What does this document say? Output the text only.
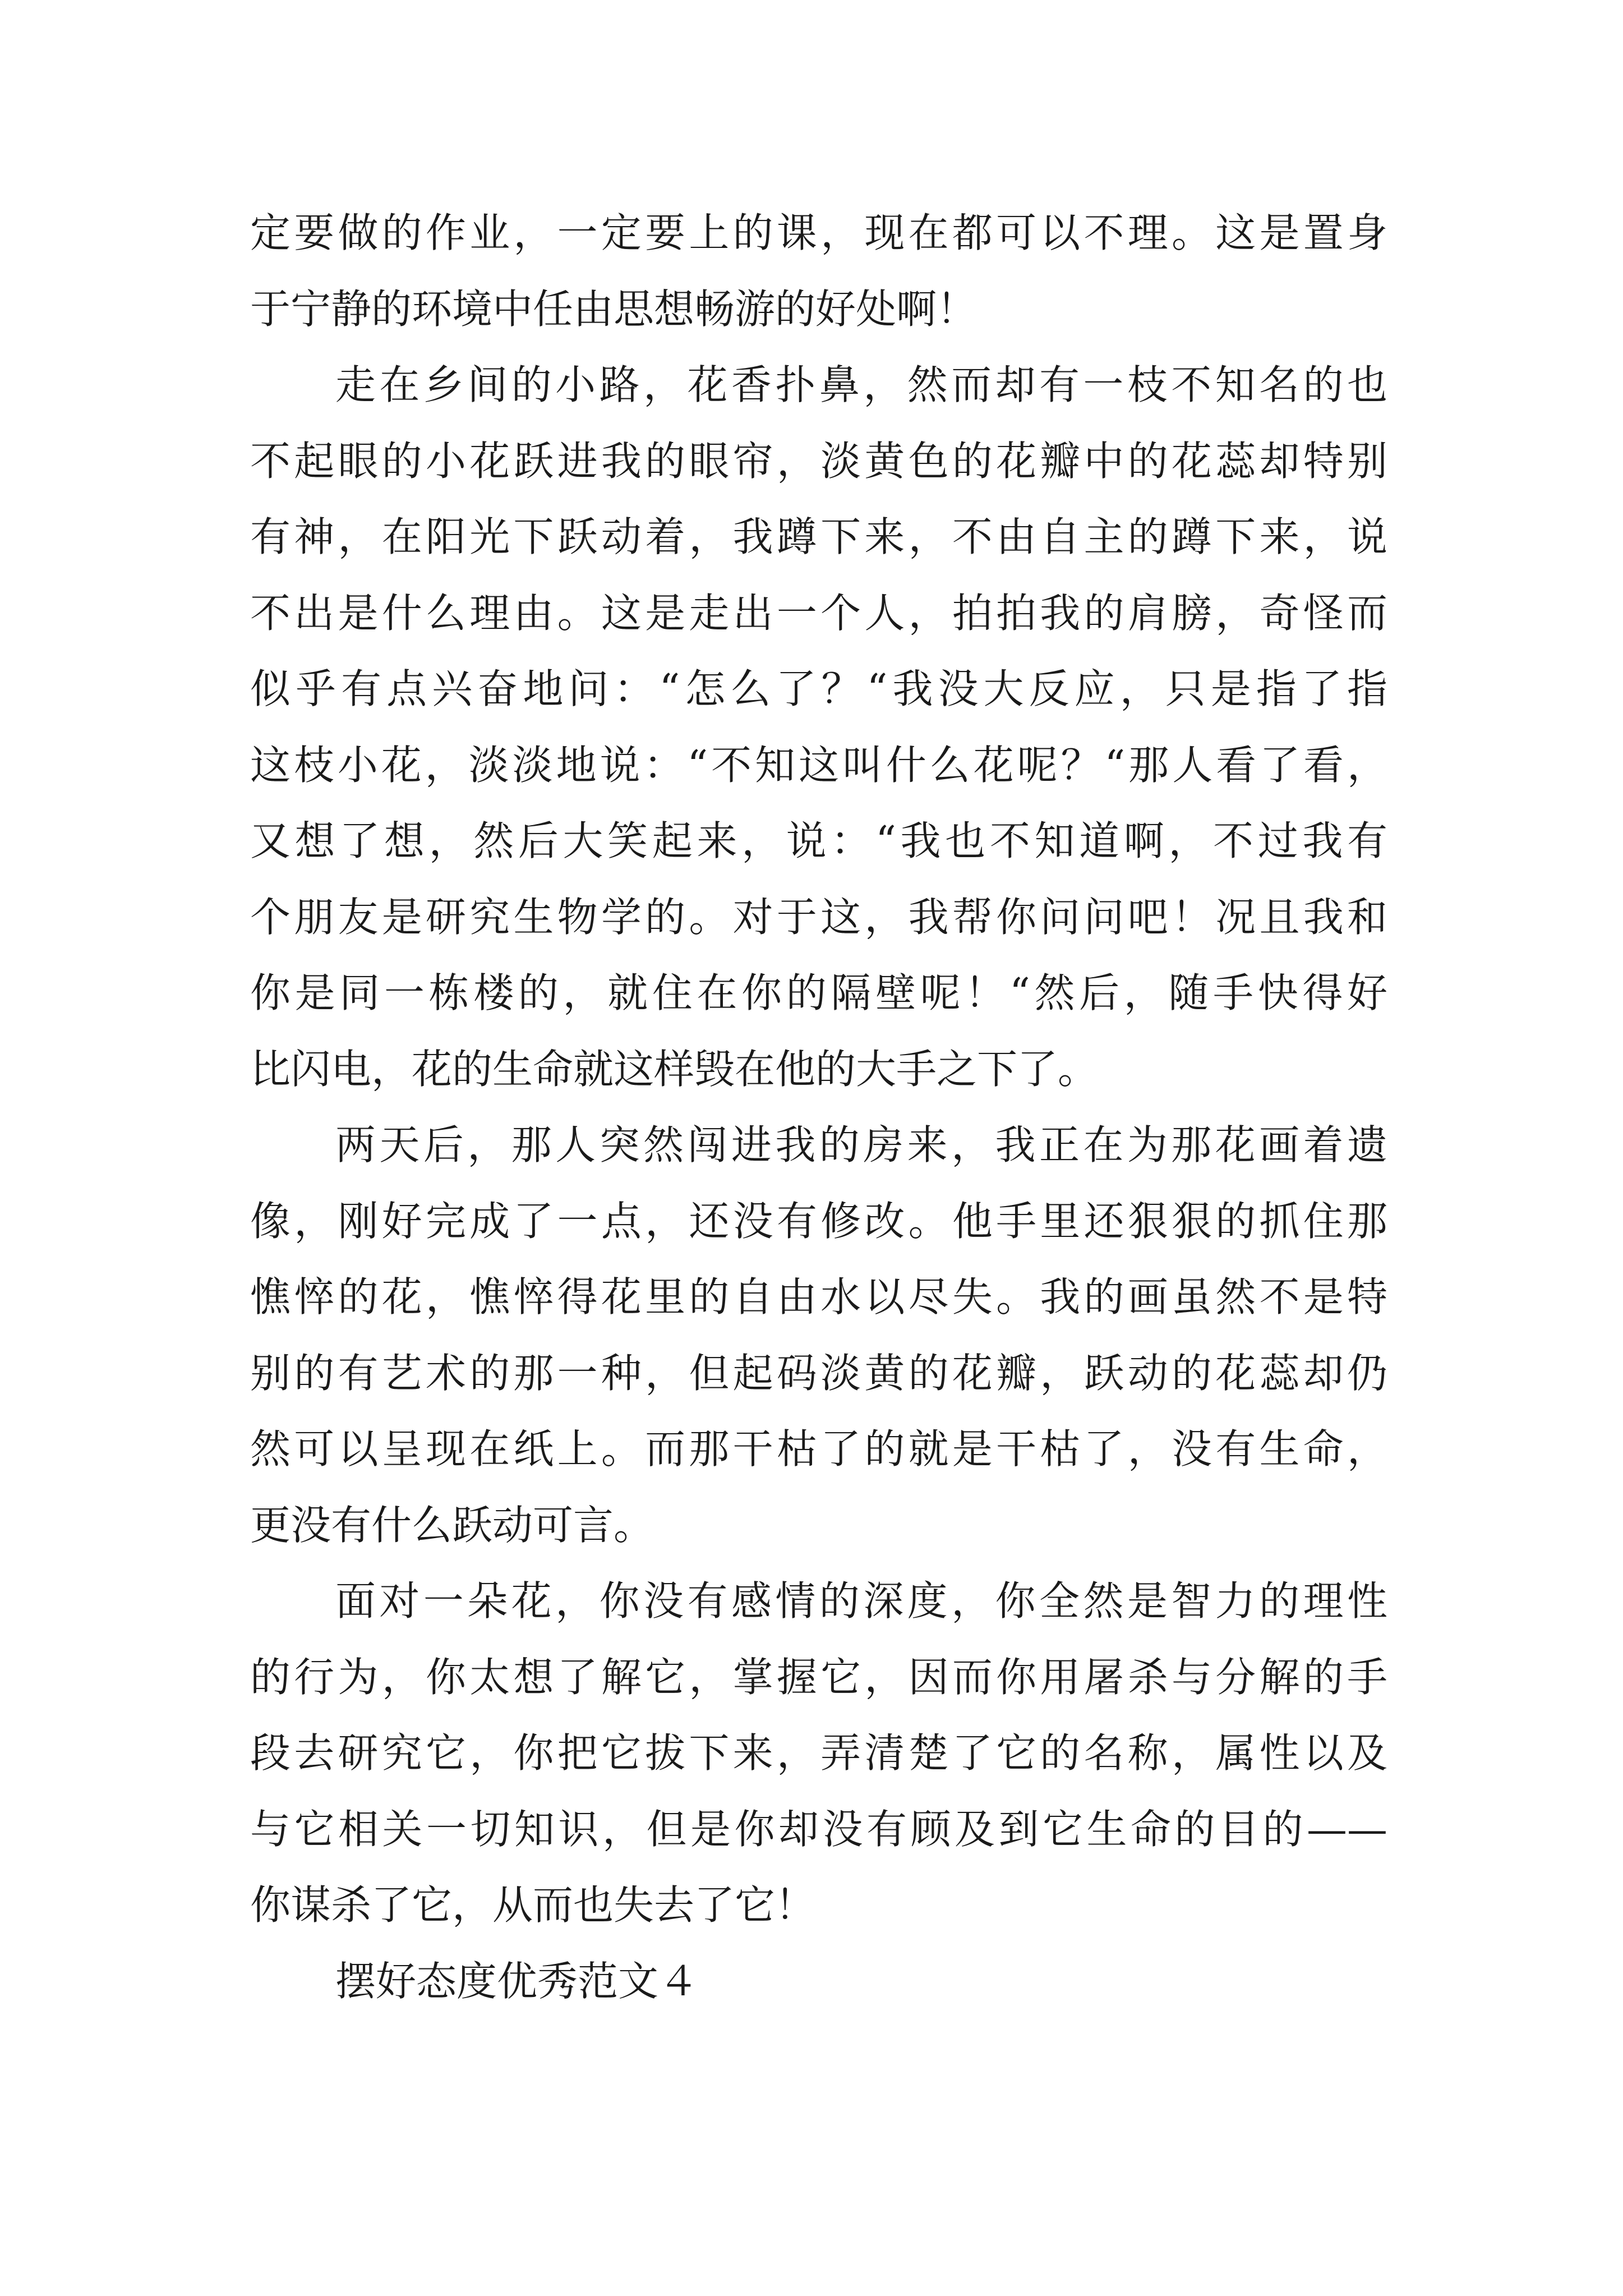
定要做的作业，一定要上的课，现在都可以不理。这是置身
于宁静的环境中任由思想畅游的好处啊！
走在乡间的小路，花香扑鼻，然而却有一枝不知名的也
不起眼的小花跃进我的眼帘，淡黄色的花瓣中的花蕊却特别
有神，在阳光下跃动着，我蹲下来，不由自主的蹲下来，说
不出是什么理由。这是走出一个人，拍拍我的肩膀，奇怪而
似乎有点兴奋地问：“怎么了？“我没大反应，只是指了指
这枝小花，淡淡地说：“不知这叫什么花呢？“那人看了看，
又想了想，然后大笑起来，说：“我也不知道啊，不过我有
个朋友是研究生物学的。对于这，我帮你问问吧！况且我和
你是同一栋楼的，就住在你的隔壁呢！“然后，随手快得好
比闪电，花的生命就这样毁在他的大手之下了。
两天后，那人突然闯进我的房来，我正在为那花画着遗
像，刚好完成了一点，还没有修改。他手里还狠狠的抓住那
憔悴的花，憔悴得花里的自由水以尽失。我的画虽然不是特
别的有艺术的那一种，但起码淡黄的花瓣，跃动的花蕊却仍
然可以呈现在纸上。而那干枯了的就是干枯了，没有生命，
更没有什么跃动可言。
面对一朵花，你没有感情的深度，你全然是智力的理性
的行为，你太想了解它，掌握它，因而你用屠杀与分解的手
段去研究它，你把它拔下来，弄清楚了它的名称，属性以及
与它相关一切知识，但是你却没有顾及到它生命的目的——
你谋杀了它，从而也失去了它！
摆好态度优秀范文４
